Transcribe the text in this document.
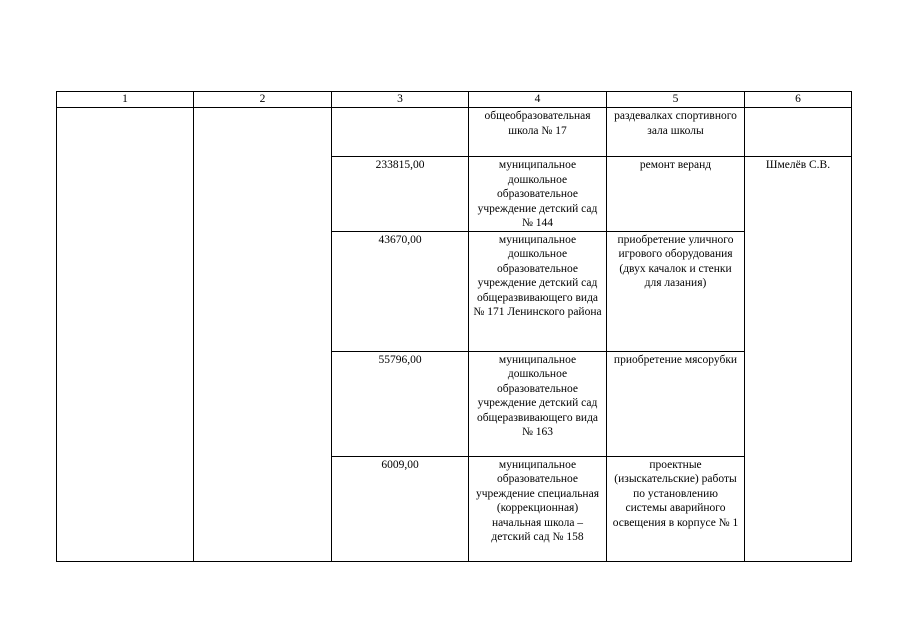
1	2	3	4	5	6
			общеобразовательная школа № 17	раздевалках спортивного зала школы	
		233815,00	муниципальное дошкольное образовательное учреждение детский сад № 144	ремонт веранд	Шмелёв С.В.
		43670,00	муниципальное дошкольное образовательное учреждение детский сад общеразвивающего вида № 171 Ленинского района	приобретение уличного игрового оборудования (двух качалок и стенки для лазания)	
		55796,00	муниципальное дошкольное образовательное учреждение детский сад общеразвивающего вида № 163	приобретение мясорубки	
		6009,00	муниципальное образовательное учреждение специальная (коррекционная) начальная школа – детский сад № 158	проектные (изыскательские) работы по установлению системы аварийного освещения в корпусе № 1	
